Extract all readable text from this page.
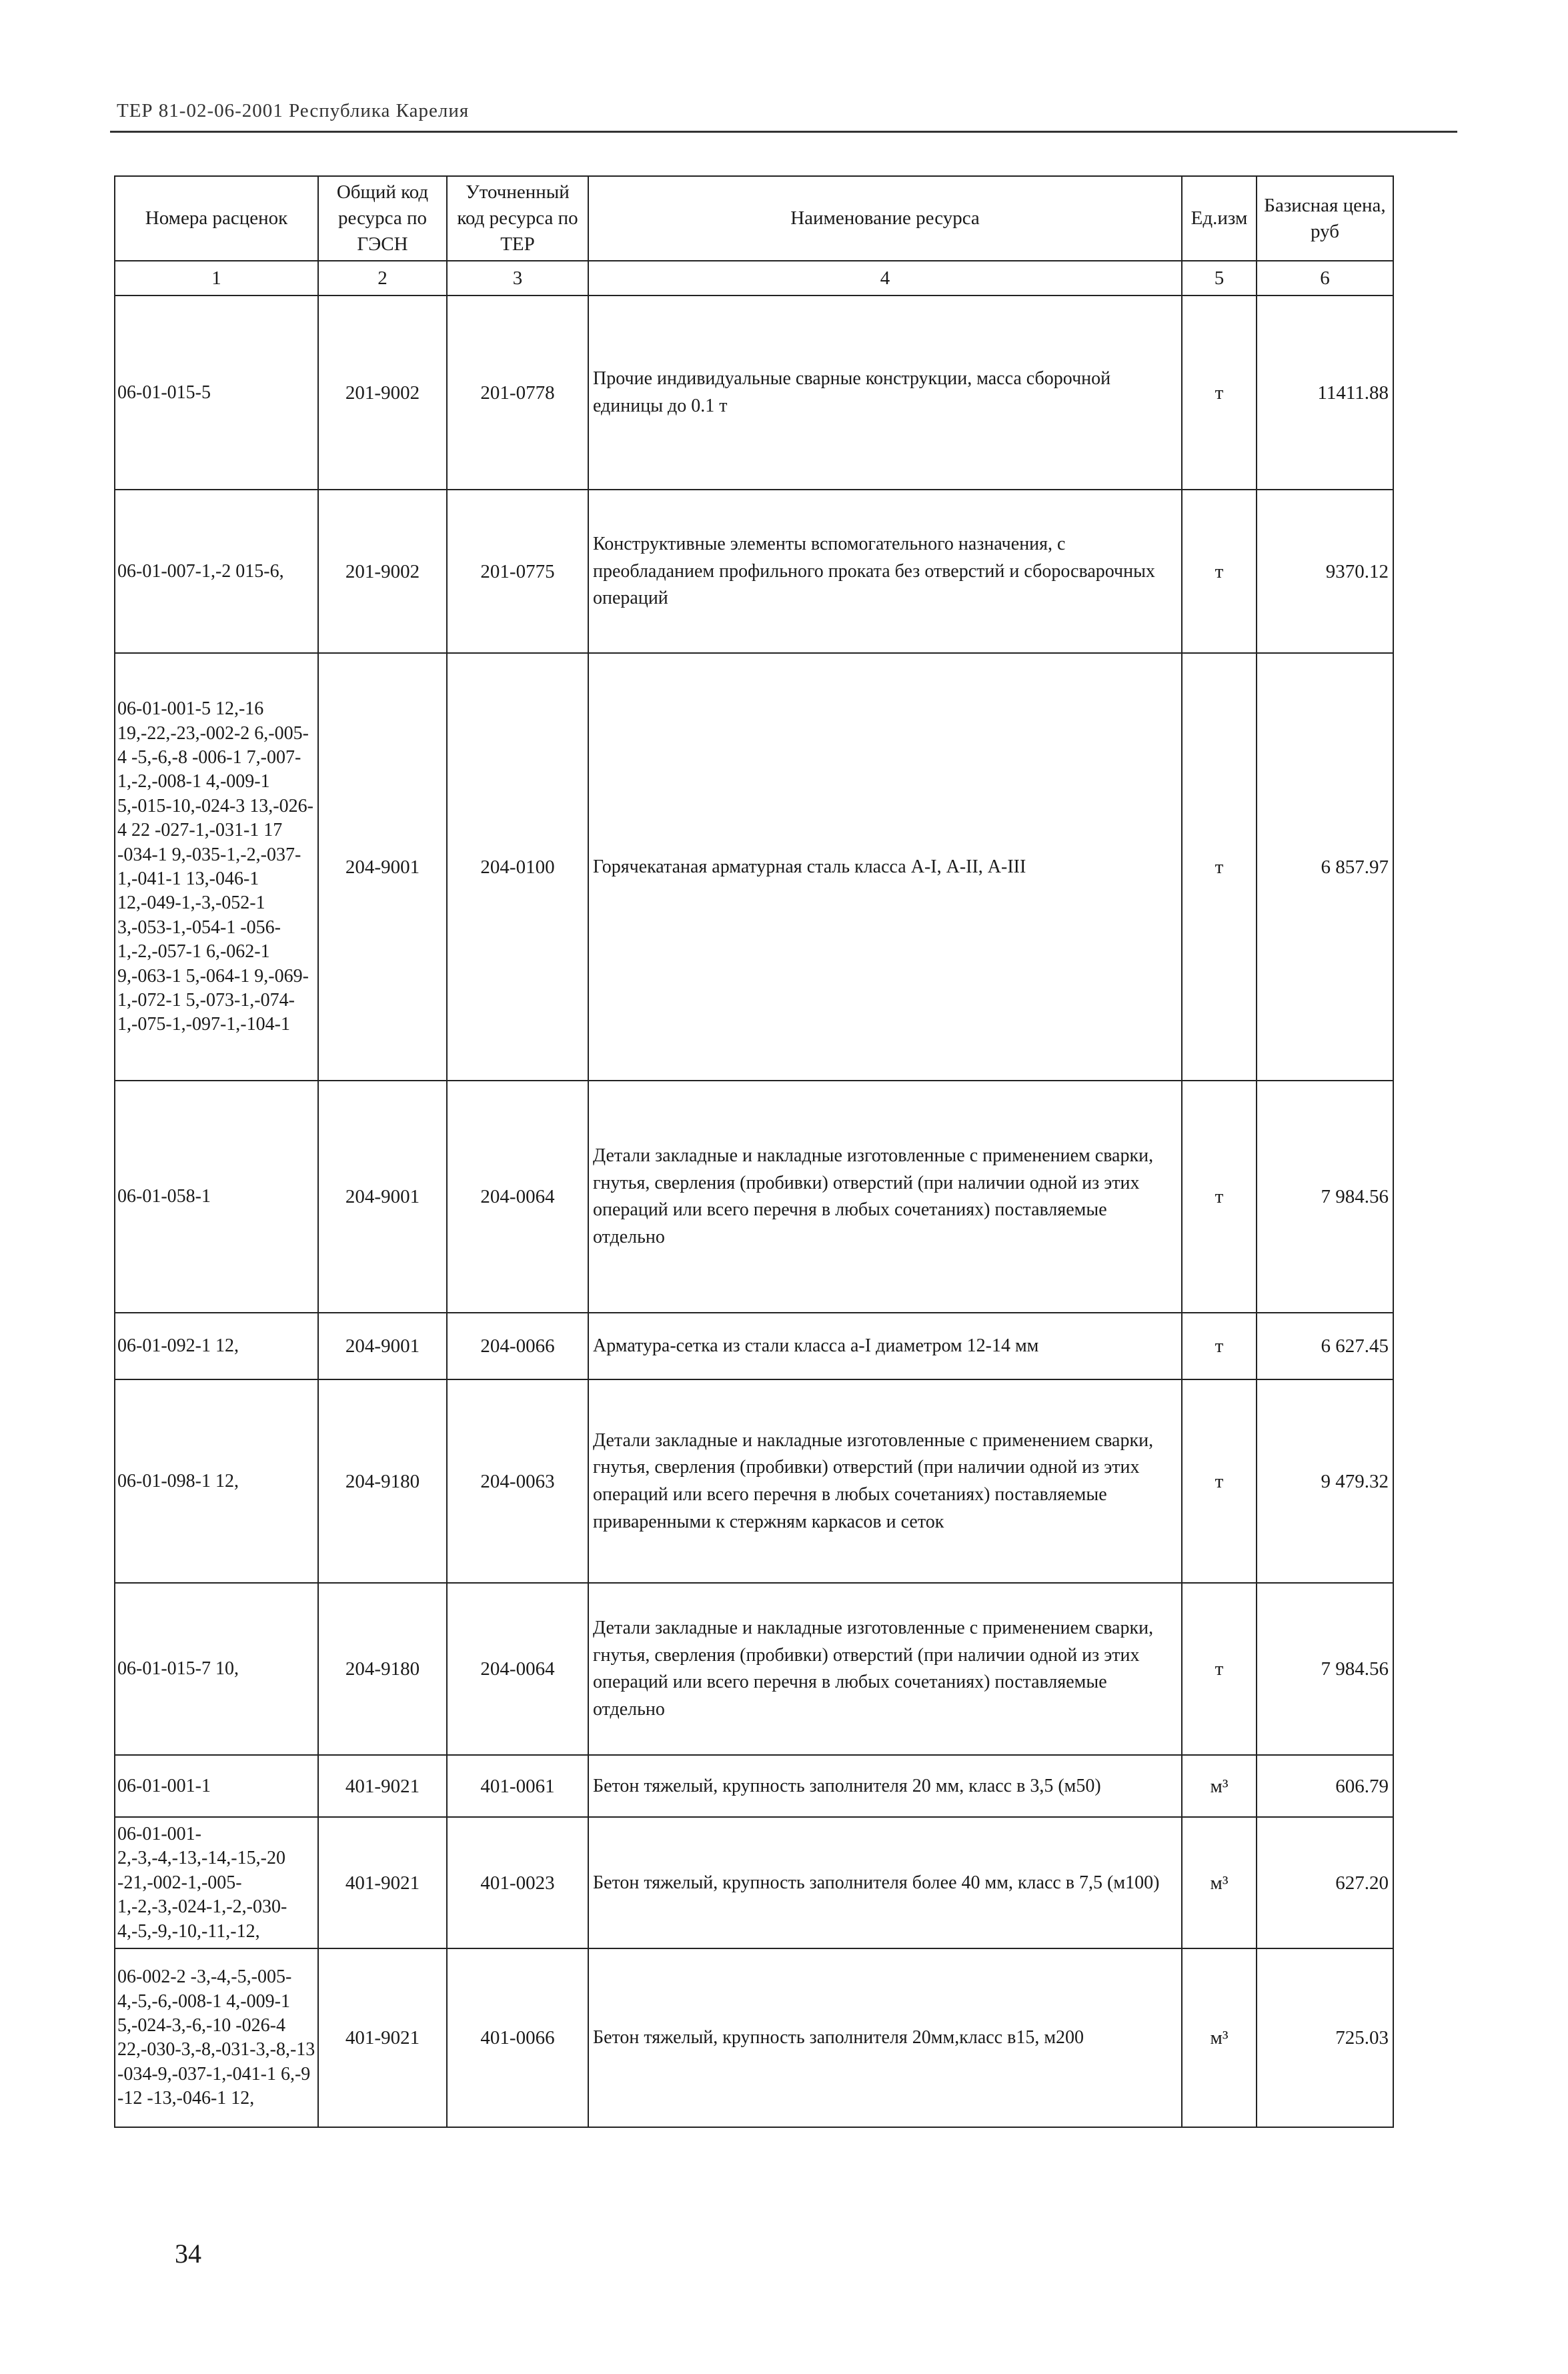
ТЕР 81-02-06-2001 Республика Карелия
Номера расценок	Общий код ресурса по ГЭСН	Уточненный код ресурса по ТЕР	Наименование ресурса	Ед.изм	Базисная цена, руб
1	2	3	4	5	6
06-01-015-5	201-9002	201-0778	Прочие индивидуальные сварные конструкции, масса сборочной единицы до 0.1 т	т	11411.88
06-01-007-1,-2 015-6,	201-9002	201-0775	Конструктивные элементы вспомогательного назначения, с преобладанием профильного проката без отверстий и сборосварочных операций	т	9370.12
06-01-001-5 12,-16 19,-22,-23,-002-2 6,-005-4 -5,-6,-8 -006-1 7,-007-1,-2,-008-1 4,-009-1 5,-015-10,-024-3 13,-026-4 22 -027-1,-031-1 17 -034-1 9,-035-1,-2,-037-1,-041-1 13,-046-1 12,-049-1,-3,-052-1 3,-053-1,-054-1 -056-1,-2,-057-1 6,-062-1 9,-063-1 5,-064-1 9,-069-1,-072-1 5,-073-1,-074-1,-075-1,-097-1,-104-1	204-9001	204-0100	Горячекатаная арматурная сталь класса А-I, А-II, А-III	т	6 857.97
06-01-058-1	204-9001	204-0064	Детали закладные и накладные изготовленные с применением сварки, гнутья, сверления (пробивки) отверстий (при наличии одной из этих операций или всего перечня в любых сочетаниях) поставляемые отдельно	т	7 984.56
06-01-092-1 12,	204-9001	204-0066	Арматура-сетка из стали класса а-I диаметром 12-14 мм	т	6 627.45
06-01-098-1 12,	204-9180	204-0063	Детали закладные и накладные изготовленные с применением сварки, гнутья, сверления (пробивки) отверстий (при наличии одной из этих операций или всего перечня в любых сочетаниях) поставляемые приваренными к стержням каркасов и сеток	т	9 479.32
06-01-015-7 10,	204-9180	204-0064	Детали закладные и накладные изготовленные с применением сварки, гнутья, сверления (пробивки) отверстий (при наличии одной из этих операций или всего перечня в любых сочетаниях) поставляемые отдельно	т	7 984.56
06-01-001-1	401-9021	401-0061	Бетон тяжелый, крупность заполнителя 20 мм, класс в 3,5 (м50)	м³	606.79
06-01-001-2,-3,-4,-13,-14,-15,-20 -21,-002-1,-005-1,-2,-3,-024-1,-2,-030-4,-5,-9,-10,-11,-12,	401-9021	401-0023	Бетон тяжелый, крупность заполнителя более 40 мм, класс в 7,5 (м100)	м³	627.20
06-002-2 -3,-4,-5,-005-4,-5,-6,-008-1 4,-009-1 5,-024-3,-6,-10 -026-4 22,-030-3,-8,-031-3,-8,-13 -034-9,-037-1,-041-1 6,-9 -12 -13,-046-1 12,	401-9021	401-0066	Бетон тяжелый, крупность заполнителя 20мм,класс в15, м200	м³	725.03
34
